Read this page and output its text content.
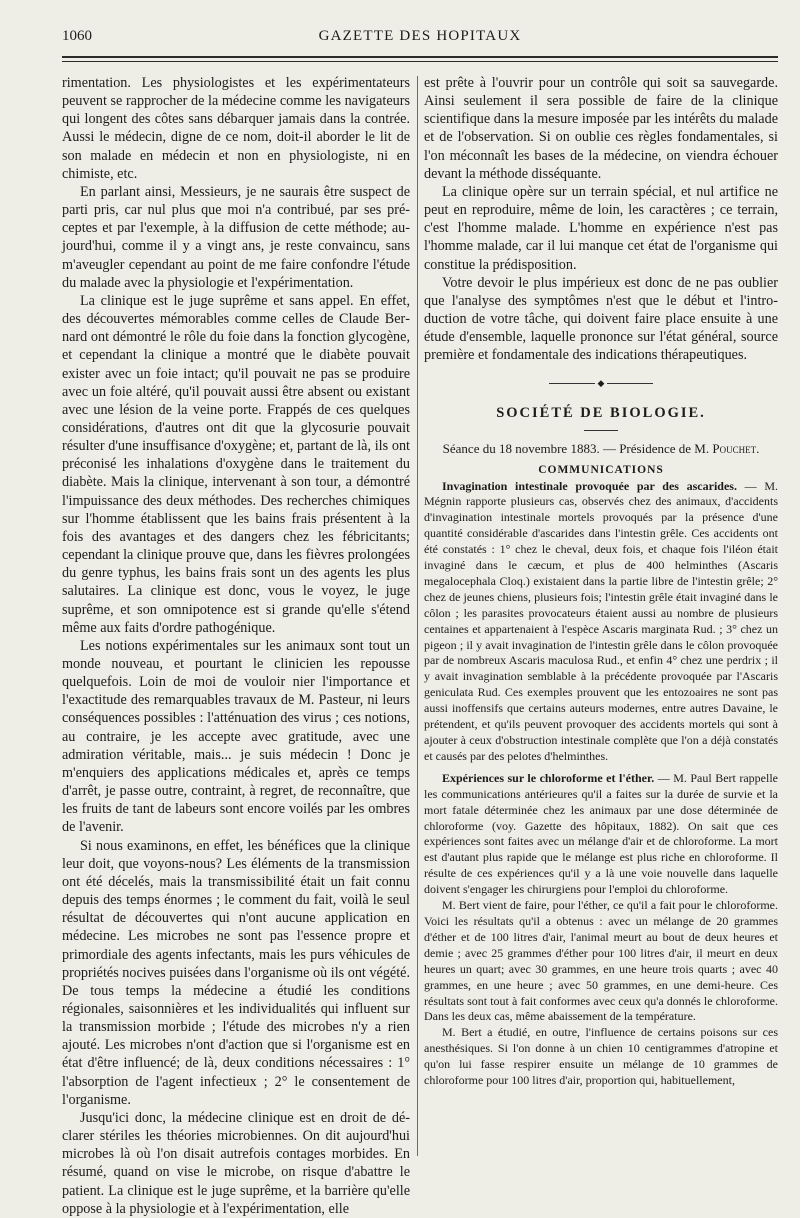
1060	GAZETTE DES HOPITAUX

rimentation. Les physiologistes et les expérimentateurs peuvent se rapprocher de la médecine comme les navigateurs qui longent des côtes sans débarquer jamais dans la contrée. Aussi le médecin, digne de ce nom, doit-il aborder le lit de son malade en médecin et non en physiologiste, ni en chimiste, etc.

En parlant ainsi, Messieurs, je ne saurais être suspect de parti pris, car nul plus que moi n'a contribué, par ses préceptes et par l'exemple, à la diffusion de cette méthode; aujourd'hui, comme il y a vingt ans, je reste convaincu, sans m'aveugler cependant au point de me faire confondre l'étude du malade avec la physiologie et l'expérimentation.

La clinique est le juge suprême et sans appel. En effet, des découvertes mémorables comme celles de Claude Bernard ont démontré le rôle du foie dans la fonction glycogène, et cependant la clinique a montré que le diabète pouvait exister avec un foie intact; qu'il pouvait ne pas se produire avec un foie altéré, qu'il pouvait aussi être absent ou existant avec une lésion de la veine porte. Frappés de ces quelques considérations, d'autres ont dit que la glycosurie pouvait résulter d'une insuffisance d'oxygène; et, partant de là, ils ont préconisé les inhalations d'oxygène dans le traitement du diabète. Mais la clinique, intervenant à son tour, a démontré l'impuissance des deux méthodes. Des recherches chimiques sur l'homme établissent que les bains frais présentent à la fois des avantages et des dangers chez les fébricitants; cependant la clinique prouve que, dans les fièvres prolongées du genre typhus, les bains frais sont un des agents les plus salutaires. La clinique est donc, vous le voyez, le juge suprême, et son omnipotence est si grande qu'elle s'étend même aux faits d'ordre pathogénique.

Les notions expérimentales sur les animaux sont tout un monde nouveau, et pourtant le clinicien les repousse quelquefois. Loin de moi de vouloir nier l'importance et l'exactitude des remarquables travaux de M. Pasteur, ni leurs conséquences possibles : l'atténuation des virus ; ces notions, au contraire, je les accepte avec gratitude, avec une admiration véritable, mais... je suis médecin ! Donc je m'enquiers des applications médicales et, après ce temps d'arrêt, je passe outre, contraint, à regret, de reconnaître, que les fruits de tant de labeurs sont encore voilés par les ombres de l'avenir.

Si nous examinons, en effet, les bénéfices que la clinique leur doit, que voyons-nous? Les éléments de la transmission ont été décelés, mais la transmissibilité était un fait connu depuis des temps énormes ; le comment du fait, voilà le seul résultat de découvertes qui n'ont aucune application en médecine. Les microbes ne sont pas l'essence propre et primordiale des agents infectants, mais les purs véhicules de propriétés nocives puisées dans l'organisme où ils ont végété. De tous temps la médecine a étudié les conditions régionales, saisonnières et les individualités qui influent sur la transmission morbide ; l'étude des microbes n'y a rien ajouté. Les microbes n'ont d'action que si l'organisme est en état d'être influencé; de là, deux conditions nécessaires : 1° l'absorption de l'agent infectieux ; 2° le consentement de l'organisme.

Jusqu'ici donc, la médecine clinique est en droit de déclarer stériles les théories microbiennes. On dit aujourd'hui microbes là où l'on disait autrefois contages morbides. En résumé, quand on vise le microbe, on risque d'abattre le patient. La clinique est le juge suprême, et la barrière qu'elle oppose à la physiologie et à l'expérimentation, elle

est prête à l'ouvrir pour un contrôle qui soit sa sauvegarde. Ainsi seulement il sera possible de faire de la clinique scientifique dans la mesure imposée par les intérêts du malade et de l'observation. Si on oublie ces règles fondamentales, si l'on méconnaît les bases de la médecine, on viendra échouer devant la méthode disséquante.

La clinique opère sur un terrain spécial, et nul artifice ne peut en reproduire, même de loin, les caractères ; ce terrain, c'est l'homme malade. L'homme en expérience n'est pas l'homme malade, car il lui manque cet état de l'organisme qui constitue la prédisposition.

Votre devoir le plus impérieux est donc de ne pas oublier que l'analyse des symptômes n'est que le début et l'introduction de votre tâche, qui doivent faire place ensuite à une étude d'ensemble, laquelle prononce sur l'état général, source première et fondamentale des indications thérapeutiques.

◆
SOCIÉTÉ DE BIOLOGIE.
Séance du 18 novembre 1883. — Présidence de M. Pouchet.
COMMUNICATIONS

Invagination intestinale provoquée par des ascarides. — M. Mégnin rapporte plusieurs cas, observés chez des animaux, d'accidents d'invagination intestinale mortels provoqués par la présence d'une quantité considérable d'ascarides dans l'intestin grêle. Ces accidents ont été constatés : 1° chez le cheval, deux fois, et chaque fois l'iléon était invaginé dans le cæcum, et plus de 400 helminthes (Ascaris megalocephala Cloq.) existaient dans la partie libre de l'intestin grêle; 2° chez de jeunes chiens, plusieurs fois; l'intestin grêle était invaginé dans le côlon ; les parasites provocateurs étaient aussi au nombre de plusieurs centaines et appartenaient à l'espèce Ascaris marginata Rud. ; 3° chez un pigeon ; il y avait invagination de l'intestin grêle dans le côlon provoquée par de nombreux Ascaris maculosa Rud., et enfin 4° chez une perdrix ; il y avait invagination semblable à la précédente provoquée par l'Ascaris geniculata Rud. Ces exemples prouvent que les entozoaires ne sont pas aussi inoffensifs que certains auteurs modernes, entre autres Davaine, le prétendent, et qu'ils peuvent provoquer des accidents mortels qui sont à ajouter à ceux d'obstruction intestinale complète que l'on a déjà constatés et causés par des pelotes d'helminthes.

Expériences sur le chloroforme et l'éther. — M. Paul Bert rappelle les communications antérieures qu'il a faites sur la durée de survie et la mort fatale déterminée chez les animaux par une dose déterminée de chloroforme (voy. Gazette des hôpitaux, 1882). On sait que ces expériences sont faites avec un mélange d'air et de chloroforme. La mort est d'autant plus rapide que le mélange est plus riche en chloroforme. Il résulte de ces expériences qu'il y a là une voie nouvelle dans laquelle doivent s'engager les chirurgiens pour l'emploi du chloroforme.

M. Bert vient de faire, pour l'éther, ce qu'il a fait pour le chloroforme. Voici les résultats qu'il a obtenus : avec un mélange de 20 grammes d'éther et de 100 litres d'air, l'animal meurt au bout de deux heures et demie ; avec 25 grammes d'éther pour 100 litres d'air, il meurt en deux heures un quart; avec 30 grammes, en une heure trois quarts ; avec 40 grammes, en une heure ; avec 50 grammes, en une demi-heure. Ces résultats sont tout à fait conformes avec ceux qu'a donnés le chloroforme. Dans les deux cas, même abaissement de la température.

M. Bert a étudié, en outre, l'influence de certains poisons sur ces anesthésiques. Si l'on donne à un chien 10 centigrammes d'atropine et qu'on lui fasse respirer ensuite un mélange de 10 grammes de chloroforme pour 100 litres d'air, proportion qui, habituellement,
